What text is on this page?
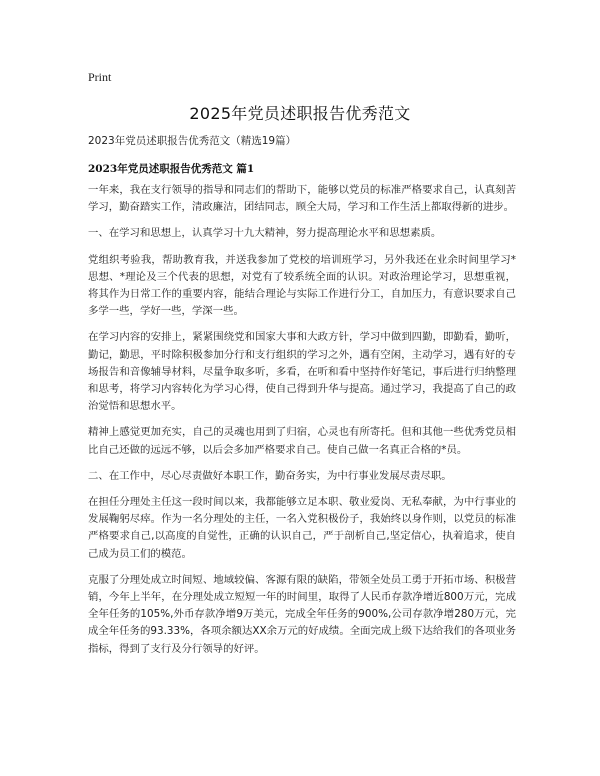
Print
2025年党员述职报告优秀范文

2023年党员述职报告优秀范文（精选19篇）

2023年党员述职报告优秀范文 篇1

一年来，我在支行领导的指导和同志们的帮助下，能够以党员的标准严格要求自己，认真刻苦学习，勤奋踏实工作，清政廉洁，团结同志，顾全大局，学习和工作生活上都取得新的进步。

一、在学习和思想上，认真学习十九大精神，努力提高理论水平和思想素质。

党组织考验我，帮助教育我，并送我参加了党校的培训班学习，另外我还在业余时间里学习*思想、*理论及三个代表的思想，对党有了较系统全面的认识。对政治理论学习，思想重视，将其作为日常工作的重要内容，能结合理论与实际工作进行分工，自加压力，有意识要求自己多学一些，学好一些，学深一些。

在学习内容的安排上，紧紧围绕党和国家大事和大政方针，学习中做到四勤，即勤看，勤听，勤记，勤思，平时除积极参加分行和支行组织的学习之外，遇有空闲，主动学习，遇有好的专场报告和音像辅导材料，尽量争取多听，多看，在听和看中坚持作好笔记，事后进行归纳整理和思考，将学习内容转化为学习心得，使自己得到升华与提高。通过学习，我提高了自己的政治觉悟和思想水平。

精神上感觉更加充实，自己的灵魂也用到了归宿，心灵也有所寄托。但和其他一些优秀党员相比自己还做的远远不够，以后会多加严格要求自己。使自己做一名真正合格的*员。

二、在工作中，尽心尽责做好本职工作，勤奋务实，为中行事业发展尽责尽职。

在担任分理处主任这一段时间以来，我都能够立足本职、敬业爱岗、无私奉献，为中行事业的发展鞠躬尽瘁。作为一名分理处的主任，一名入党积极份子，我始终以身作则，以党员的标准严格要求自己,以高度的自觉性，正确的认识自己，严于剖析自己,坚定信心，执着追求，使自己成为员工们的模范。

克服了分理处成立时间短、地域较偏、客源有限的缺陷，带领全处员工勇于开拓市场、积极营销，今年上半年，在分理处成立短短一年的时间里，取得了人民币存款净增近800万元，完成全年任务的105%,外币存款净增9万美元，完成全年任务的900%,公司存款净增280万元，完成全年任务的93.33%，各项余额达XX余万元的好成绩。全面完成上级下达给我们的各项业务指标，得到了支行及分行领导的好评。
